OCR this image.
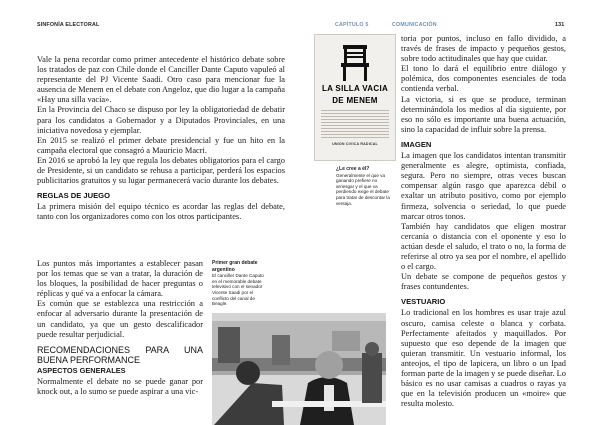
SINFONÍA ELECTORAL	CAPÍTULO 5	COMUNICACIÓN	131

Vale la pena recordar como primer antecedente el histórico debate sobre los tratados de paz con Chile donde el Canciller Dante Caputo vapuleó al representante del PJ Vicente Saadi. Otro caso para mencionar fue la ausencia de Menem en el debate con Angeloz, que dio lugar a la campaña «Hay una silla vacía».

En la Provincia del Chaco se dispuso por ley la obligatoriedad de debatir para los candidatos a Gobernador y a Diputados Provinciales, en una iniciativa novedosa y ejemplar.

En 2015 se realizó el primer debate presidencial y fue un hito en la campaña electoral que consagró a Mauricio Macri.

En 2016 se aprobó la ley que regula los debates obligatorios para el cargo de Presidente, si un candidato se rehusa a participar, perderá los espacios publicitarios gratuitos y su lugar permanecerá vacío durante los debates.

REGLAS DE JUEGO

La primera misión del equipo técnico es acordar las reglas del debate, tanto con los organizadores como con los otros participantes.

Los puntos más importantes a establecer pasan por los temas que se van a tratar, la duración de los bloques, la posibilidad de hacer preguntas o réplicas y qué va a enfocar la cámara.

Es común que se establezca una restricción a enfocar al adversario durante la presentación de un candidato, ya que un gesto descalificador puede resultar perjudicial.

RECOMENDACIONES PARA UNA BUENA PERFORMANCE

ASPECTOS GENERALES

Normalmente el debate no se puede ganar por knock out, a lo sumo se puede aspirar a una vic-

Primer gran debate argentino
El canciller Dante Caputo en el memorable debate televisivo con el senador Vicente Saadi por el conflicto del canal de Beagle.
LA SILLA VACIA
DE MENEM
UNION CIVICA RADICAL
¿Le cree a él?
Generalmente el que va ganando prefiere no arriesgar y el que va perdiendo exige el debate para tratar de descontar la ventaja.

toria por puntos, incluso en fallo dividido, a través de frases de impacto y pequeños gestos, sobre todo actitudinales que hay que cuidar.

El tono lo dará el equilibrio entre diálogo y polémica, dos componentes esenciales de toda contienda verbal.

La victoria, si es que se produce, terminan determinándola los medios al día siguiente, por eso no sólo es importante una buena actuación, sino la capacidad de influir sobre la prensa.

IMAGEN

La imagen que los candidatos intentan transmitir generalmente es alegre, optimista, confiada, segura. Pero no siempre, otras veces buscan compensar algún rasgo que aparezca débil o exaltar un atributo positivo, como por ejemplo firmeza, solvencia o seriedad, lo que puede marcar otros tonos.

También hay candidatos que eligen mostrar cercanía o distancia con el oponente y eso lo actúan desde el saludo, el trato o no, la forma de referirse al otro ya sea por el nombre, el apellido o el cargo.

Un debate se compone de pequeños gestos y frases contundentes.

VESTUARIO

Lo tradicional en los hombres es usar traje azul oscuro, camisa celeste o blanca y corbata. Perfectamente afeitados y maquillados. Por supuesto que eso depende de la imagen que quieran transmitir. Un vestuario informal, los anteojos, el tipo de lapicera, un libro o un Ipad forman parte de la imagen y se puede diseñar. Lo básico es no usar camisas a cuadros o rayas ya que en la televisión producen un «moire» que resulta molesto.
